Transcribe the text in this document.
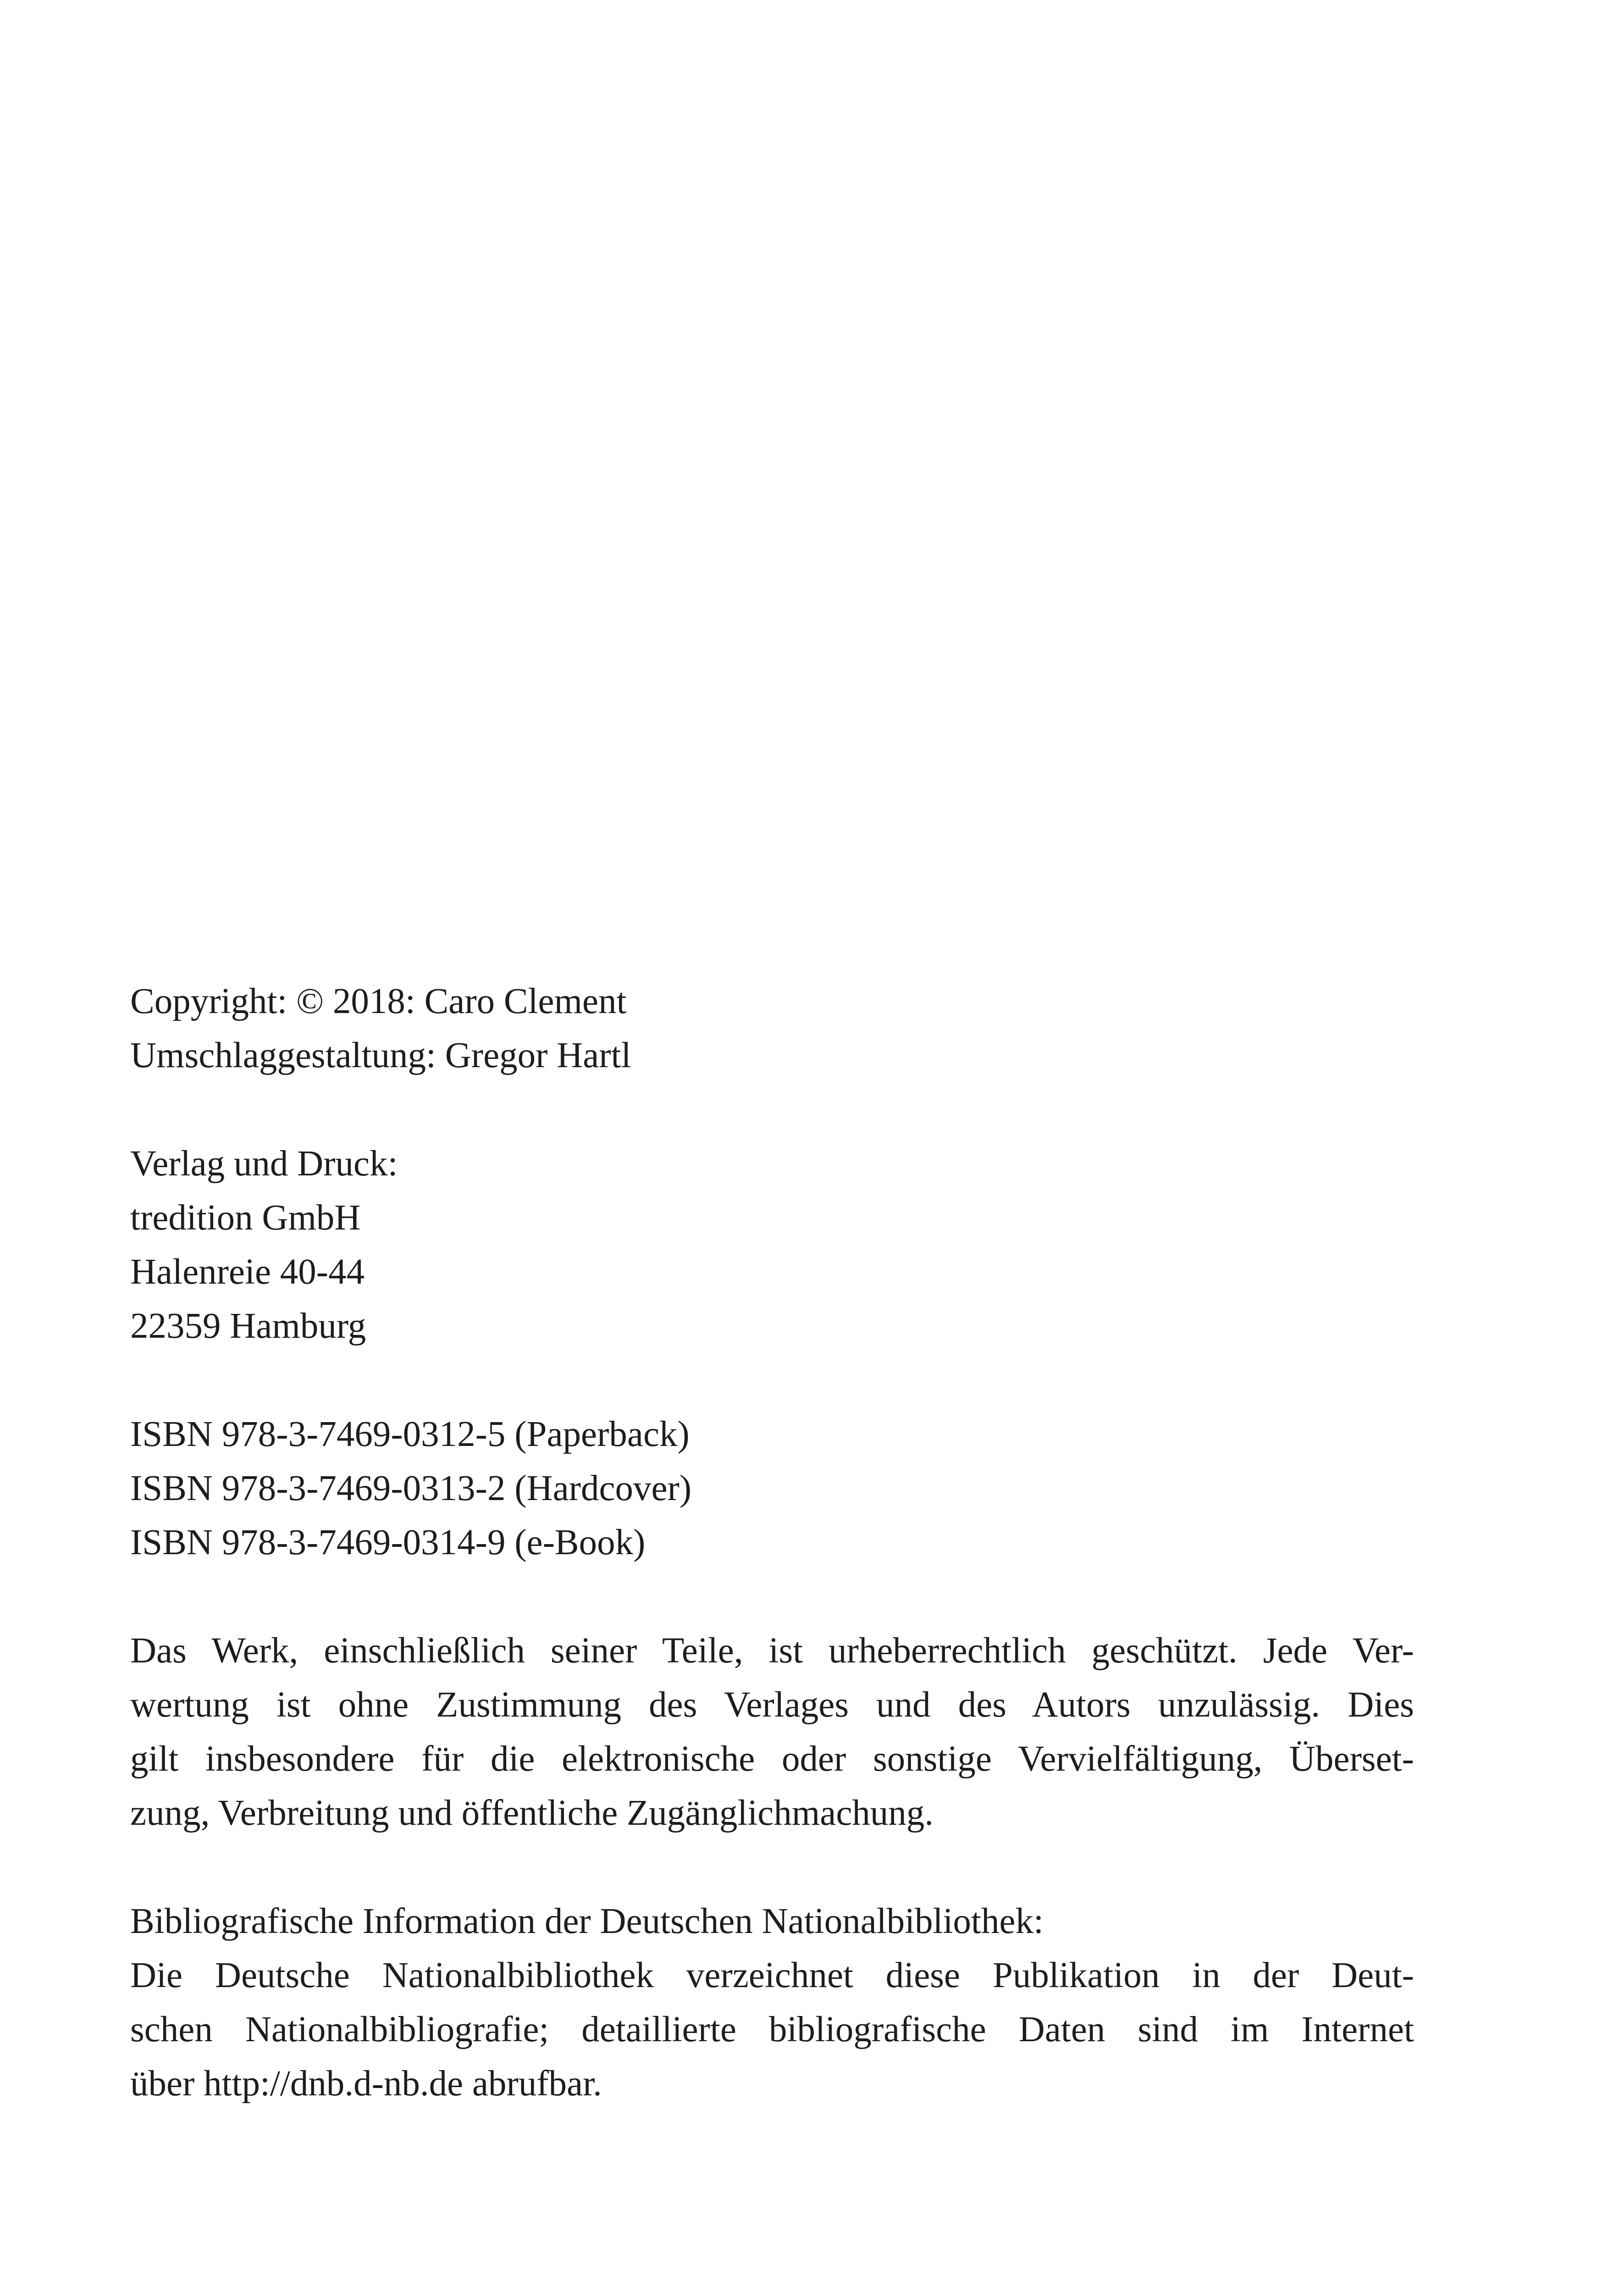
Copyright: © 2018: Caro Clement
Umschlaggestaltung: Gregor Hartl
Verlag und Druck:
tredition GmbH
Halenreie 40-44
22359 Hamburg
ISBN 978-3-7469-0312-5 (Paperback)
ISBN 978-3-7469-0313-2 (Hardcover)
ISBN 978-3-7469-0314-9 (e-Book)
Das Werk, einschließlich seiner Teile, ist urheberrechtlich geschützt. Jede Ver-
wertung ist ohne Zustimmung des Verlages und des Autors unzulässig. Dies
gilt insbesondere für die elektronische oder sonstige Vervielfältigung, Überset-
zung, Verbreitung und öffentliche Zugänglichmachung.
Bibliografische Information der Deutschen Nationalbibliothek:
Die Deutsche Nationalbibliothek verzeichnet diese Publikation in der Deut-
schen Nationalbibliografie; detaillierte bibliografische Daten sind im Internet
über http://dnb.d-nb.de abrufbar.
